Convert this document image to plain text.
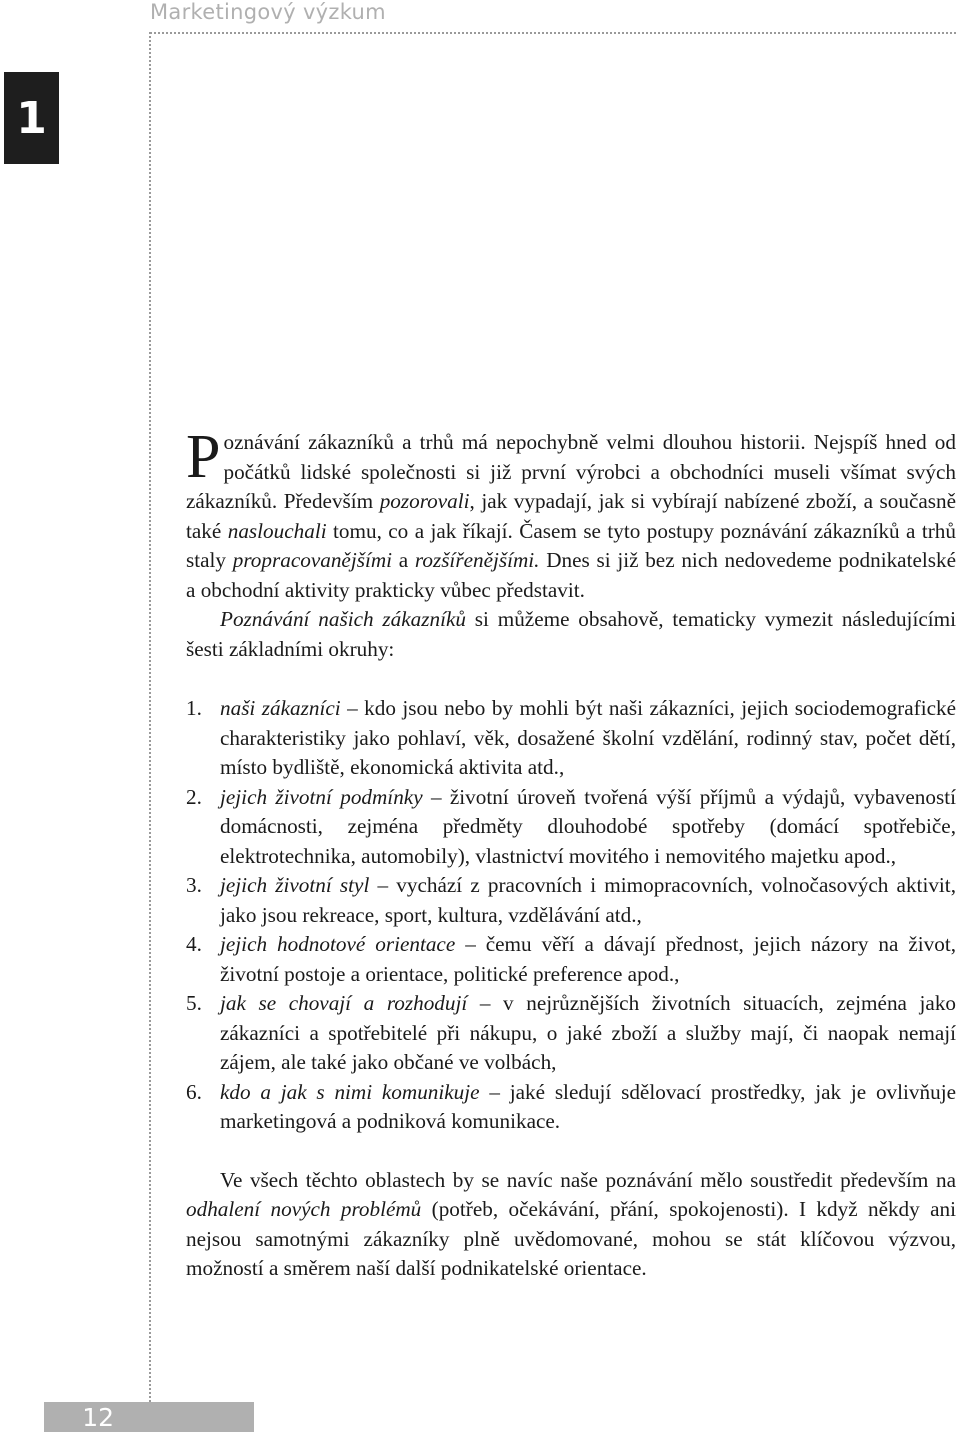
Marketingový výzkum
1
12

Poznávání zákazníků a trhů má nepochybně velmi dlouhou historii. Nejspíš hned od počátků lidské společnosti si již první výrobci a obchodníci museli všímat svých zákazníků. Především pozorovali, jak vypadají, jak si vybírají nabízené zboží, a současně také naslouchali tomu, co a jak říkají. Časem se tyto postupy poznávání zákazníků a trhů staly propracovanějšími a rozšířenějšími. Dnes si již bez nich nedovedeme podnikatelské a obchodní aktivity prakticky vůbec představit.

Poznávání našich zákazníků si můžeme obsahově, tematicky vymezit následujícími šesti základními okruhy:

1. naši zákazníci – kdo jsou nebo by mohli být naši zákazníci, jejich sociodemografické charakteristiky jako pohlaví, věk, dosažené školní vzdělání, rodinný stav, počet dětí, místo bydliště, ekonomická aktivita atd.,
2. jejich životní podmínky – životní úroveň tvořená výší příjmů a výdajů, vybaveností domácnosti, zejména předměty dlouhodobé spotřeby (domácí spotřebiče, elektrotechnika, automobily), vlastnictví movitého i nemovitého majetku apod.,
3. jejich životní styl – vychází z pracovních i mimopracovních, volnočasových aktivit, jako jsou rekreace, sport, kultura, vzdělávání atd.,
4. jejich hodnotové orientace – čemu věří a dávají přednost, jejich názory na život, životní postoje a orientace, politické preference apod.,
5. jak se chovají a rozhodují – v nejrůznějších životních situacích, zejména jako zákazníci a spotřebitelé při nákupu, o jaké zboží a služby mají, či naopak nemají zájem, ale také jako občané ve volbách,
6. kdo a jak s nimi komunikuje – jaké sledují sdělovací prostředky, jak je ovlivňuje marketingová a podniková komunikace.

Ve všech těchto oblastech by se navíc naše poznávání mělo soustředit především na odhalení nových problémů (potřeb, očekávání, přání, spokojenosti). I když někdy ani nejsou samotnými zákazníky plně uvědomované, mohou se stát klíčovou výzvou, možností a směrem naší další podnikatelské orientace.
